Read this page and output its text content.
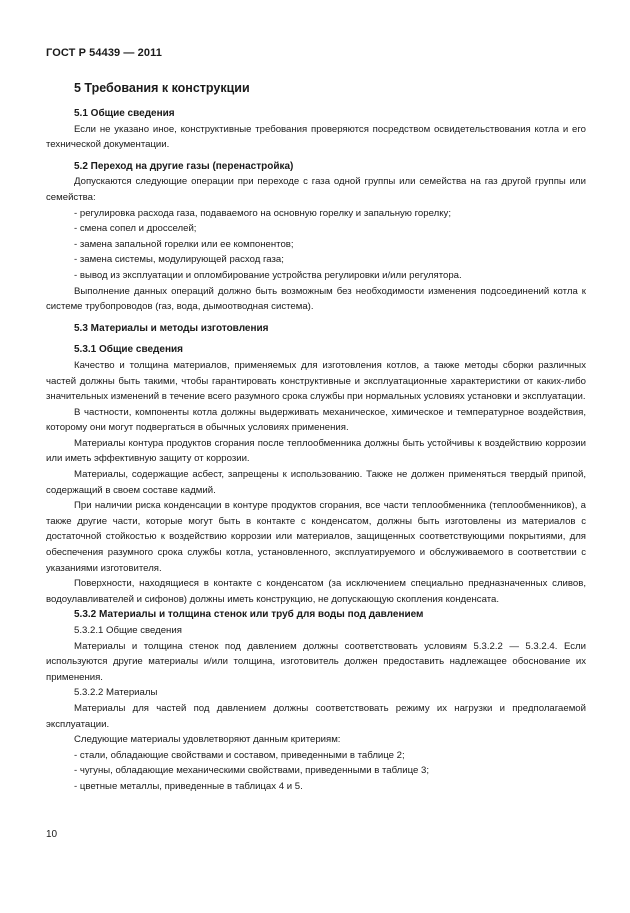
ГОСТ Р 54439 — 2011
5 Требования к конструкции
5.1 Общие сведения
Если не указано иное, конструктивные требования проверяются посредством освидетельствования котла и его технической документации.
5.2 Переход на другие газы (перенастройка)
Допускаются следующие операции при переходе с газа одной группы или семейства на газ другой группы или семейства:
- регулировка расхода газа, подаваемого на основную горелку и запальную горелку;
- смена сопел и дросселей;
- замена запальной горелки или ее компонентов;
- замена системы, модулирующей расход газа;
- вывод из эксплуатации и опломбирование устройства регулировки и/или регулятора.
Выполнение данных операций должно быть возможным без необходимости изменения подсоединений котла к системе трубопроводов (газ, вода, дымоотводная система).
5.3 Материалы и методы изготовления
5.3.1 Общие сведения
Качество и толщина материалов, применяемых для изготовления котлов, а также методы сборки различных частей должны быть такими, чтобы гарантировать конструктивные и эксплуатационные характеристики от каких-либо значительных изменений в течение всего разумного срока службы при нормальных условиях установки и эксплуатации.
В частности, компоненты котла должны выдерживать механическое, химическое и температурное воздействия, которому они могут подвергаться в обычных условиях применения.
Материалы контура продуктов сгорания после теплообменника должны быть устойчивы к воздействию коррозии или иметь эффективную защиту от коррозии.
Материалы, содержащие асбест, запрещены к использованию. Также не должен применяться твердый припой, содержащий в своем составе кадмий.
При наличии риска конденсации в контуре продуктов сгорания, все части теплообменника (теплообменников), а также другие части, которые могут быть в контакте с конденсатом, должны быть изготовлены из материалов с достаточной стойкостью к воздействию коррозии или материалов, защищенных соответствующими покрытиями, для обеспечения разумного срока службы котла, установленного, эксплуатируемого и обслуживаемого в соответствии с указаниями изготовителя.
Поверхности, находящиеся в контакте с конденсатом (за исключением специально предназначенных сливов, водоулавливателей и сифонов) должны иметь конструкцию, не допускающую скопления конденсата.
5.3.2 Материалы и толщина стенок или труб для воды под давлением
5.3.2.1 Общие сведения
Материалы и толщина стенок под давлением должны соответствовать условиям 5.3.2.2 — 5.3.2.4. Если используются другие материалы и/или толщина, изготовитель должен предоставить надлежащее обоснование их применения.
5.3.2.2 Материалы
Материалы для частей под давлением должны соответствовать режиму их нагрузки и предполагаемой эксплуатации.
Следующие материалы удовлетворяют данным критериям:
- стали, обладающие свойствами и составом, приведенными в таблице 2;
- чугуны, обладающие механическими свойствами, приведенными в таблице 3;
- цветные металлы, приведенные в таблицах 4 и 5.
10
